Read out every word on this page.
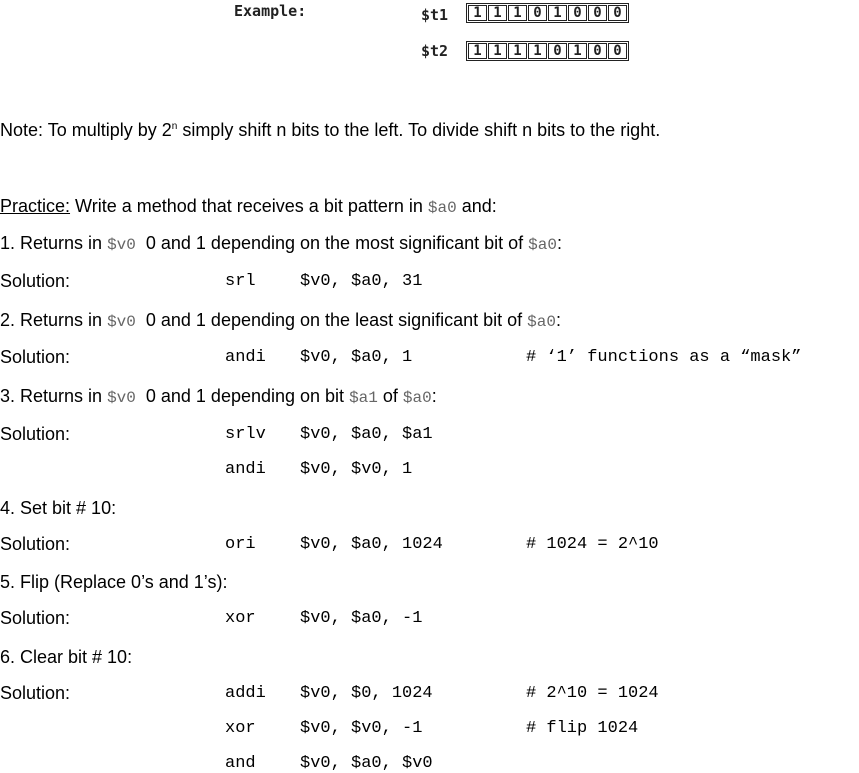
Example:	$t1	1 1 1 0 1 0 0 0
$t2	1 1 1 1 0 1 0 0
Note: To multiply by 2$^n$ simply shift n bits to the left. To divide shift n bits to the right.
Practice: Write a method that receives a bit pattern in $a0 and:
1. Returns in $v0  0 and 1 depending on the most significant bit of $a0:
Solution:	srl	$v0, $a0, 31
2. Returns in $v0  0 and 1 depending on the least significant bit of $a0:
Solution:	andi $v0, $a0, 1	# ‘1’ functions as a “mask”
3. Returns in $v0  0 and 1 depending on bit $a1 of $a0:
Solution:	srlv $v0, $a0, $a1
andi $v0, $v0, 1
4. Set bit # 10:
Solution:	ori	$v0, $a0, 1024	# 1024 = 2^10
5. Flip (Replace 0’s and 1’s):
Solution:	xor	$v0, $a0, -1
6. Clear bit # 10:
Solution:	addi $v0, $0, 1024	# 2^10 = 1024
xor	$v0, $v0, -1	# flip 1024
and	$v0, $a0, $v0
